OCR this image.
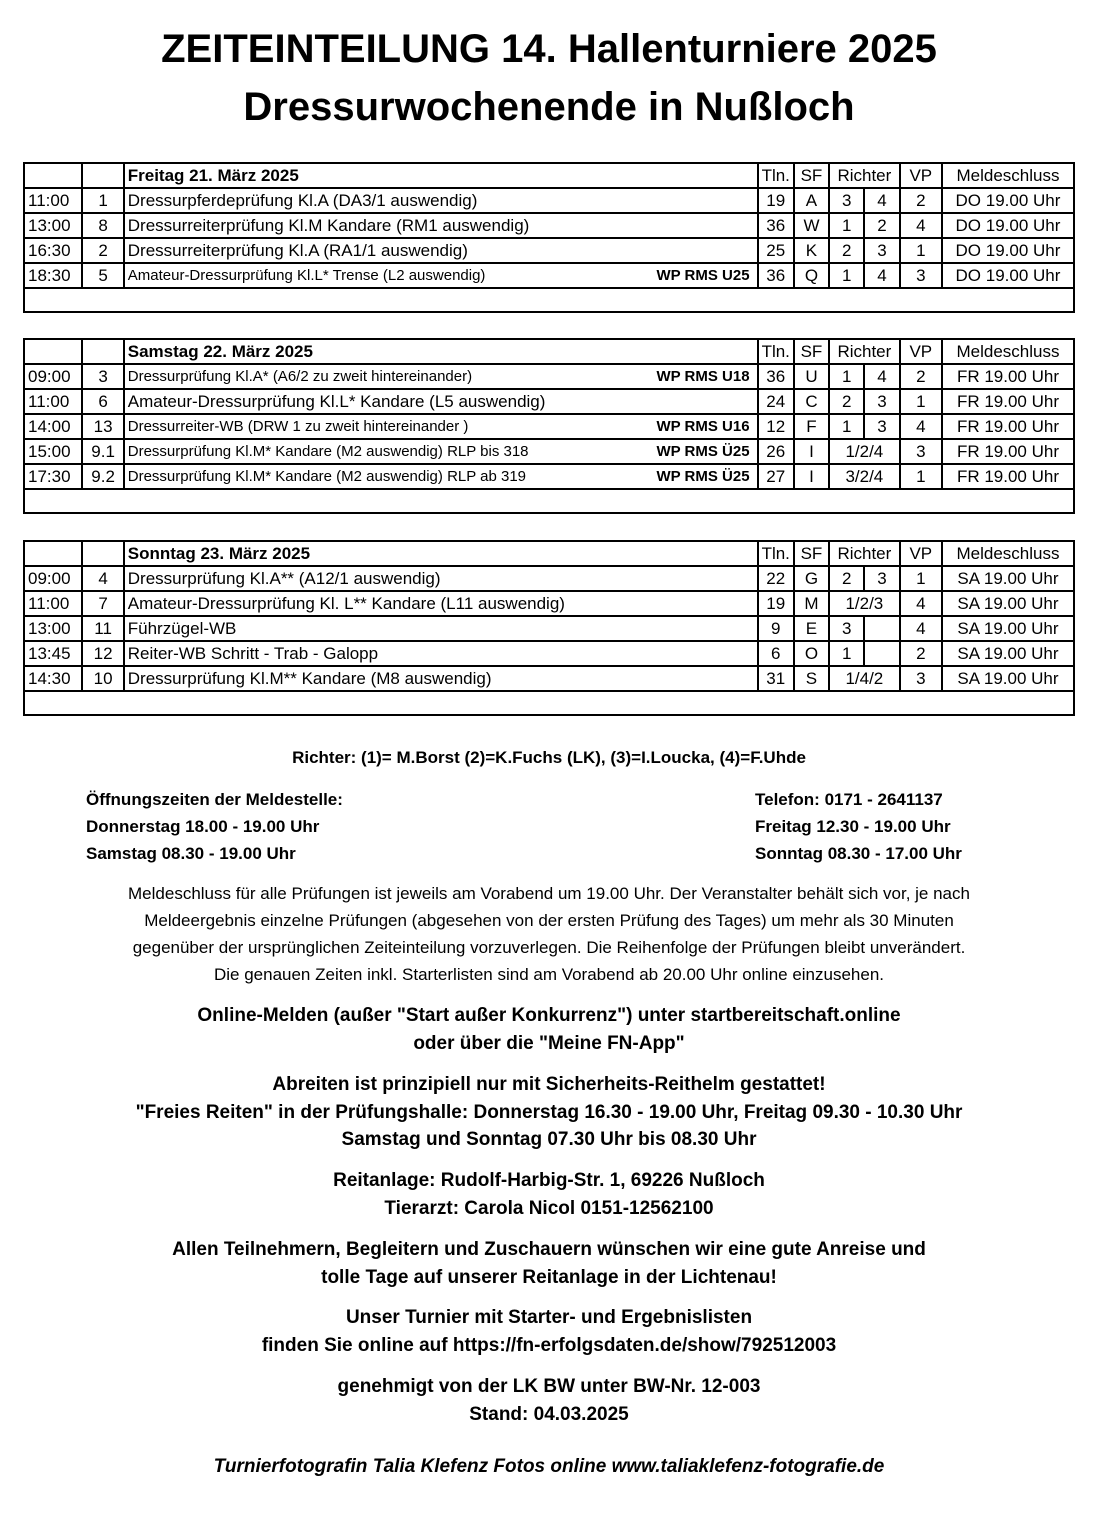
ZEITEINTEILUNG 14. Hallenturniere 2025
Dressurwochenende in Nußloch
		Freitag 21. März 2025	Tln.	SF	Richter		VP	Meldeschluss
11:00	1	Dressurpferdeprüfung Kl.A (DA3/1 auswendig)	19	A	3	4	2	DO 19.00 Uhr
13:00	8	Dressurreiterprüfung Kl.M Kandare (RM1 auswendig)	36	W	1	2	4	DO 19.00 Uhr
16:30	2	Dressurreiterprüfung Kl.A (RA1/1 auswendig)	25	K	2	3	1	DO 19.00 Uhr
18:30	5	Amateur-Dressurprüfung Kl.L* Trense (L2 auswendig) WP RMS U25	36	Q	1	4	3	DO 19.00 Uhr

		Samstag 22. März 2025	Tln.	SF	Richter		VP	Meldeschluss
09:00	3	Dressurprüfung Kl.A* (A6/2 zu zweit hintereinander) WP RMS U18	36	U	1	4	2	FR 19.00 Uhr
11:00	6	Amateur-Dressurprüfung Kl.L* Kandare (L5 auswendig)	24	C	2	3	1	FR 19.00 Uhr
14:00	13	Dressurreiter-WB (DRW 1 zu zweit hintereinander ) WP RMS U16	12	F	1	3	4	FR 19.00 Uhr
15:00	9.1	Dressurprüfung Kl.M* Kandare (M2 auswendig) RLP bis 318 WP RMS Ü25	26	I	1/2/4		3	FR 19.00 Uhr
17:30	9.2	Dressurprüfung Kl.M* Kandare (M2 auswendig) RLP ab 319 WP RMS Ü25	27	I	3/2/4		1	FR 19.00 Uhr

		Sonntag 23. März 2025	Tln.	SF	Richter		VP	Meldeschluss
09:00	4	Dressurprüfung Kl.A** (A12/1 auswendig)	22	G	2	3	1	SA 19.00 Uhr
11:00	7	Amateur-Dressurprüfung Kl. L** Kandare (L11 auswendig)	19	M	1/2/3		4	SA 19.00 Uhr
13:00	11	Führzügel-WB	9	E	3		4	SA 19.00 Uhr
13:45	12	Reiter-WB Schritt - Trab - Galopp	6	O	1		2	SA 19.00 Uhr
14:30	10	Dressurprüfung Kl.M** Kandare (M8 auswendig)	31	S	1/4/2		3	SA 19.00 Uhr

Richter: (1)= M.Borst (2)=K.Fuchs (LK), (3)=I.Loucka, (4)=F.Uhde
Öffnungszeiten der Meldestelle:
Donnerstag 18.00 - 19.00 Uhr
Samstag 08.30 - 19.00 Uhr
Telefon: 0171 - 2641137
Freitag 12.30 - 19.00 Uhr
Sonntag 08.30 - 17.00 Uhr
Meldeschluss für alle Prüfungen ist jeweils am Vorabend um 19.00 Uhr. Der Veranstalter behält sich vor, je nach
Meldeergebnis einzelne Prüfungen (abgesehen von der ersten Prüfung des Tages) um mehr als 30 Minuten
gegenüber der ursprünglichen Zeiteinteilung vorzuverlegen. Die Reihenfolge der Prüfungen bleibt unverändert.
Die genauen Zeiten inkl. Starterlisten sind am Vorabend ab 20.00 Uhr online einzusehen.
Online-Melden (außer "Start außer Konkurrenz") unter startbereitschaft.online
oder über die "Meine FN-App"
Abreiten ist prinzipiell nur mit Sicherheits-Reithelm gestattet!
"Freies Reiten" in der Prüfungshalle: Donnerstag 16.30 - 19.00 Uhr, Freitag 09.30 - 10.30 Uhr
Samstag und Sonntag 07.30 Uhr bis 08.30 Uhr
Reitanlage: Rudolf-Harbig-Str. 1, 69226 Nußloch
Tierarzt: Carola Nicol 0151-12562100
Allen Teilnehmern, Begleitern und Zuschauern wünschen wir eine gute Anreise und
tolle Tage auf unserer Reitanlage in der Lichtenau!
Unser Turnier mit Starter- und Ergebnislisten
finden Sie online auf https://fn-erfolgsdaten.de/show/792512003
genehmigt von der LK BW unter BW-Nr. 12-003
Stand: 04.03.2025
Turnierfotografin Talia Klefenz Fotos online www.taliaklefenz-fotografie.de
